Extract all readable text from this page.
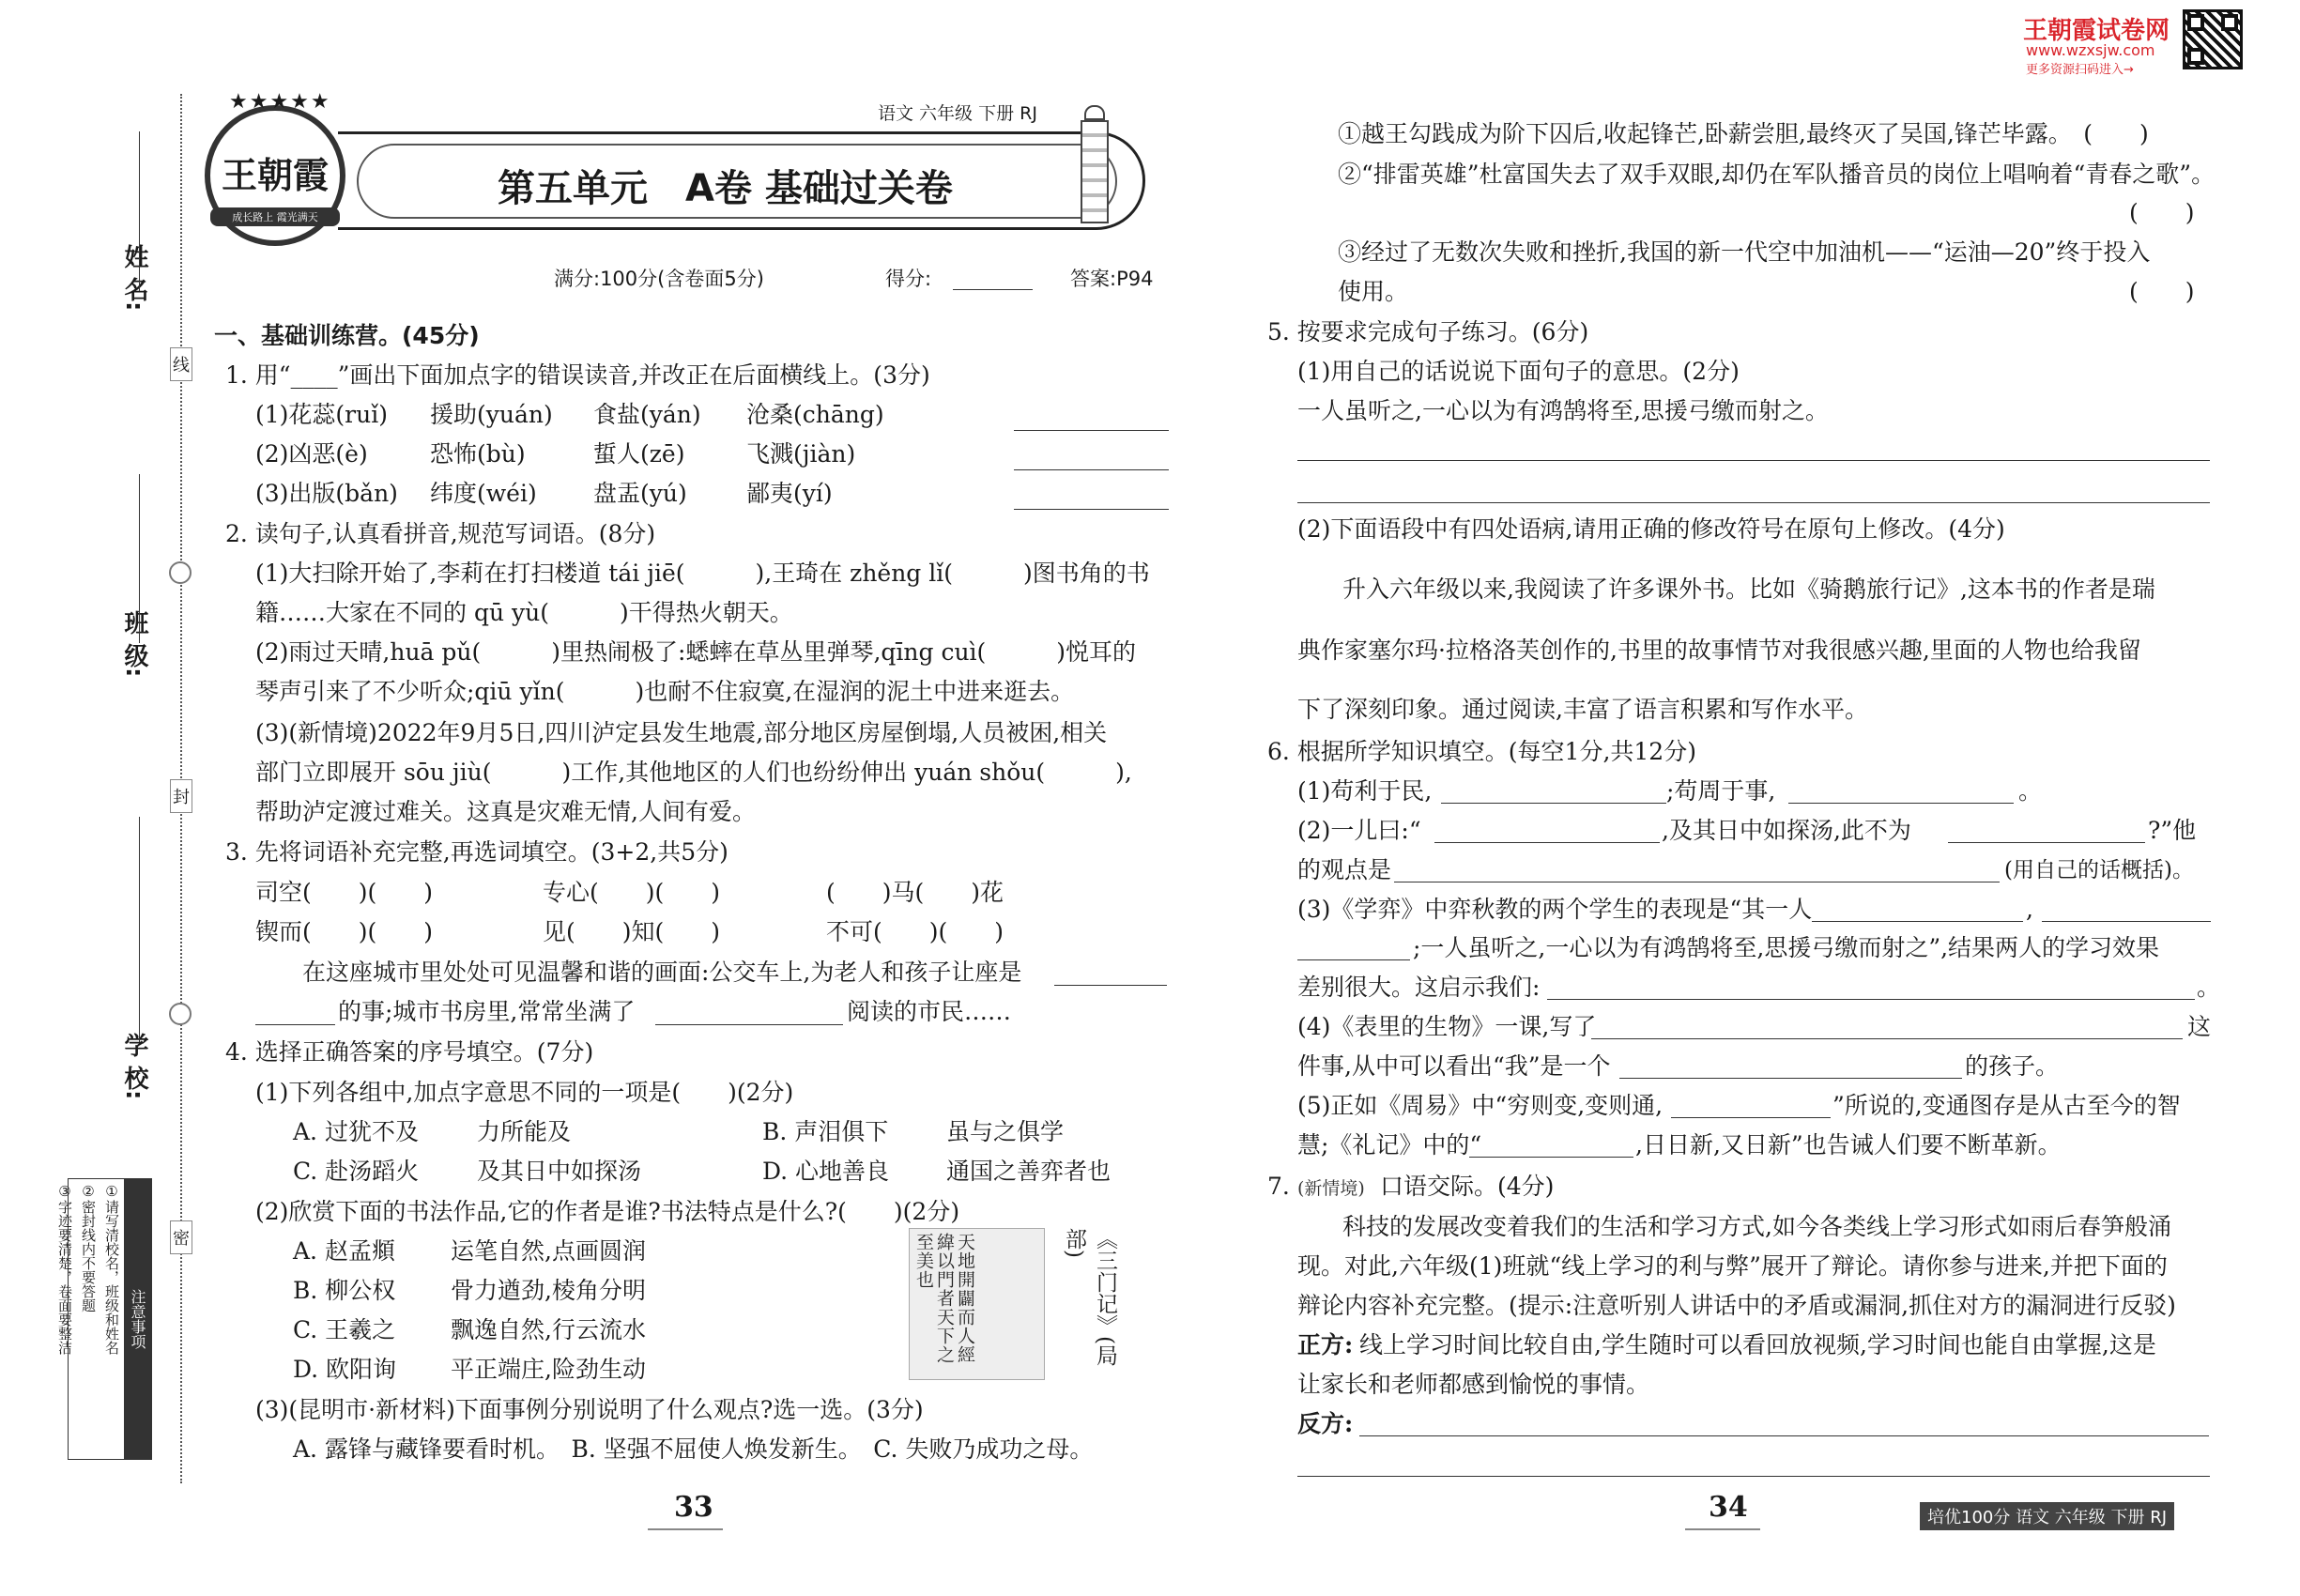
姓 名:
班 级:
学 校:
线
封
密
注意事项
①请写清校名，班级和姓名
②密封线内不要答题
③字迹要清楚，卷面要整洁
★★★★★
王朝霞
成长路上 霞光满天
第五单元　A卷 基础过关卷
语文 六年级 下册 RJ
满分:100分(含卷面5分)	得分:	答案:P94
王朝霞试卷网
www.wzxsjw.com
更多资源扫码进入→
一、基础训练营。(45分)
1. 用“____”画出下面加点字的错误读音,并改正在后面横线上。(3分)
(1)花蕊(ruǐ) 援助(yuán) 食盐(yán) 沧桑(chāng)
(2)凶恶(è)	恐怖(bù)	蜇人(zē)	飞溅(jiàn)
(3)出版(bǎn) 纬度(wéi) 盘盂(yú)	鄙夷(yí)
2. 读句子,认真看拼音,规范写词语。(8分)
(1)大扫除开始了,李莉在打扫楼道 tái jiē(　　　),王琦在 zhěng lǐ(　　　)图书角的书
籍……大家在不同的 qū yù(　　　)干得热火朝天。
(2)雨过天晴,huā pǔ(　　　)里热闹极了:蟋蟀在草丛里弹琴,qīng cuì(　　　)悦耳的
琴声引来了不少听众;qiū yǐn(　　　)也耐不住寂寞,在湿润的泥土中进来逛去。
(3)(新情境)2022年9月5日,四川泸定县发生地震,部分地区房屋倒塌,人员被困,相关
部门立即展开 sōu jiù(　　　)工作,其他地区的人们也纷纷伸出 yuán shǒu(　　　),
帮助泸定渡过难关。这真是灾难无情,人间有爱。
3. 先将词语补充完整,再选词填空。(3+2,共5分)
司空(　　)(　　)	专心(　　)(　　)	(　　)马(　　)花
锲而(　　)(　　)	见(　　)知(　　)	不可(　　)(　　)
在这座城市里处处可见温馨和谐的画面:公交车上,为老人和孩子让座是
的事;城市书房里,常常坐满了	阅读的市民……
4. 选择正确答案的序号填空。(7分)
(1)下列各组中,加点字意思不同的一项是(　　)(2分)
A. 过犹不及 力所能及	B. 声泪俱下 虽与之俱学
C. 赴汤蹈火 及其日中如探汤	D. 心地善良 通国之善弈者也
(2)欣赏下面的书法作品,它的作者是谁?书法特点是什么?(　　)(2分)
A. 赵孟頫 运笔自然,点画圆润
B. 柳公权 骨力遒劲,棱角分明
C. 王羲之 飘逸自然,行云流水
D. 欧阳询 平正端庄,险劲生动
天地開闢而人經緯以門者天下之至美也	《三门记》(局部)
(3)(昆明市·新材料)下面事例分别说明了什么观点?选一选。(3分)
A. 露锋与藏锋要看时机。　B. 坚强不屈使人焕发新生。　C. 失败乃成功之母。
33
①越王勾践成为阶下囚后,收起锋芒,卧薪尝胆,最终灭了吴国,锋芒毕露。　(　　)
②“排雷英雄”杜富国失去了双手双眼,却仍在军队播音员的岗位上唱响着“青春之歌”。
(　　)
③经过了无数次失败和挫折,我国的新一代空中加油机——“运油—20”终于投入
使用。	(　　)
5. 按要求完成句子练习。(6分)
(1)用自己的话说说下面句子的意思。(2分)
一人虽听之,一心以为有鸿鹄将至,思援弓缴而射之。
(2)下面语段中有四处语病,请用正确的修改符号在原句上修改。(4分)
升入六年级以来,我阅读了许多课外书。比如《骑鹅旅行记》,这本书的作者是瑞
典作家塞尔玛·拉格洛芙创作的,书里的故事情节对我很感兴趣,里面的人物也给我留
下了深刻印象。通过阅读,丰富了语言积累和写作水平。
6. 根据所学知识填空。(每空1分,共12分)
(1)苟利于民,	;苟周于事,	。
(2)一儿曰:“	,及其日中如探汤,此不为	?”他
的观点是	(用自己的话概括)。
(3)《学弈》中弈秋教的两个学生的表现是“其一人	,
;一人虽听之,一心以为有鸿鹄将至,思援弓缴而射之”,结果两人的学习效果
差别很大。这启示我们:	。
(4)《表里的生物》一课,写了	这
件事,从中可以看出“我”是一个	的孩子。
(5)正如《周易》中“穷则变,变则通,	”所说的,变通图存是从古至今的智
慧;《礼记》中的“	,日日新,又日新”也告诫人们要不断革新。
7. (新情境) 口语交际。(4分)
科技的发展改变着我们的生活和学习方式,如今各类线上学习形式如雨后春笋般涌
现。对此,六年级(1)班就“线上学习的利与弊”展开了辩论。请你参与进来,并把下面的
辩论内容补充完整。(提示:注意听别人讲话中的矛盾或漏洞,抓住对方的漏洞进行反驳)
正方: 线上学习时间比较自由,学生随时可以看回放视频,学习时间也能自由掌握,这是
让家长和老师都感到愉悦的事情。
反方:
34	培优100分 语文 六年级 下册 RJ
